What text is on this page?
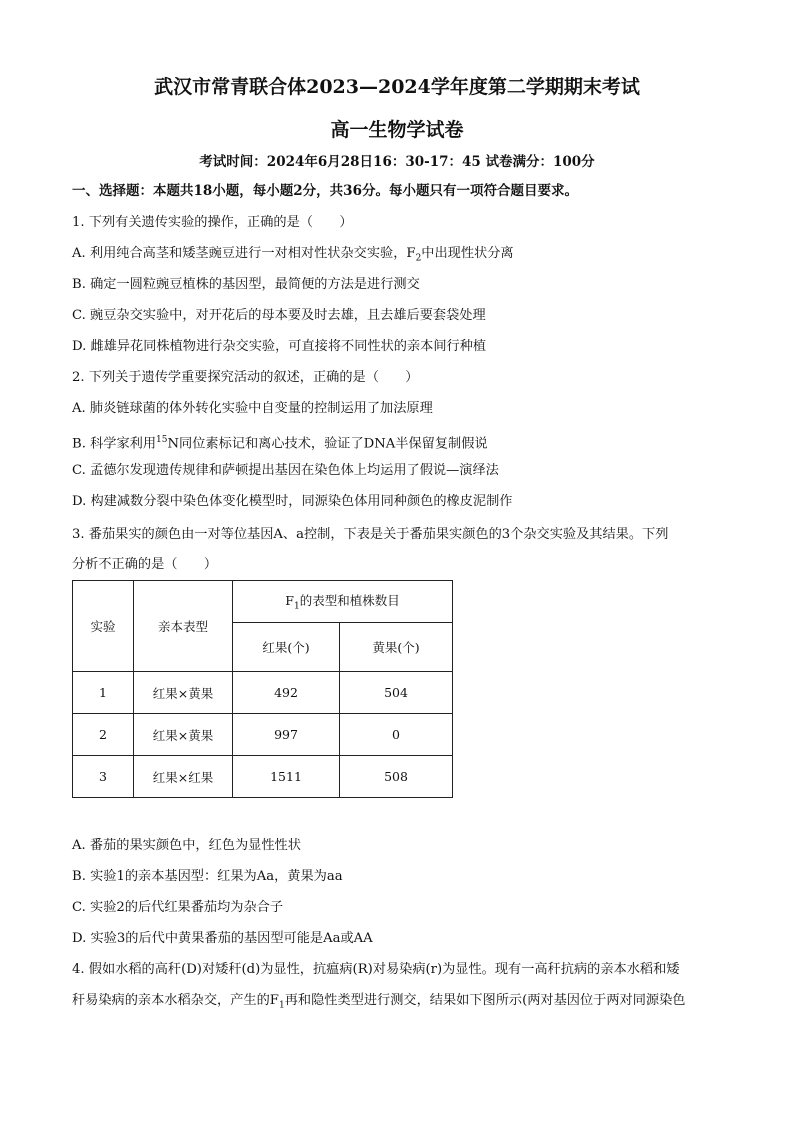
武汉市常青联合体2023—2024学年度第二学期期末考试
高一生物学试卷
考试时间：2024年6月28日16：30-17：45 试卷满分：100分
一、选择题：本题共18小题，每小题2分，共36分。每小题只有一项符合题目要求。
1. 下列有关遗传实验的操作，正确的是（　　）
A. 利用纯合高茎和矮茎豌豆进行一对相对性状杂交实验，$F_2$中出现性状分离
B. 确定一圆粒豌豆植株的基因型，最简便的方法是进行测交
C. 豌豆杂交实验中，对开花后的母本要及时去雄，且去雄后要套袋处理
D. 雌雄异花同株植物进行杂交实验，可直接将不同性状的亲本间行种植
2. 下列关于遗传学重要探究活动的叙述，正确的是（　　）
A. 肺炎链球菌的体外转化实验中自变量的控制运用了加法原理
B. 科学家利用$^{15}$N同位素标记和离心技术，验证了DNA半保留复制假说
C. 孟德尔发现遗传规律和萨顿提出基因在染色体上均运用了假说—演绎法
D. 构建减数分裂中染色体变化模型时，同源染色体用同种颜色的橡皮泥制作
3. 番茄果实的颜色由一对等位基因A、a控制，下表是关于番茄果实颜色的3个杂交实验及其结果。下列
分析不正确的是（　　）
实验	亲本表型	$F_1$的表型和植株数目	
		红果(个)	黄果(个)
1	红果×黄果	492	504
2	红果×黄果	997	0
3	红果×红果	1511	508
A. 番茄的果实颜色中，红色为显性性状
B. 实验1的亲本基因型：红果为Aa，黄果为aa
C. 实验2的后代红果番茄均为杂合子
D. 实验3的后代中黄果番茄的基因型可能是Aa或AA
4. 假如水稻的高秆(D)对矮秆(d)为显性，抗瘟病(R)对易染病(r)为显性。现有一高秆抗病的亲本水稻和矮
秆易染病的亲本水稻杂交，产生的$F_1$再和隐性类型进行测交，结果如下图所示(两对基因位于两对同源染色
